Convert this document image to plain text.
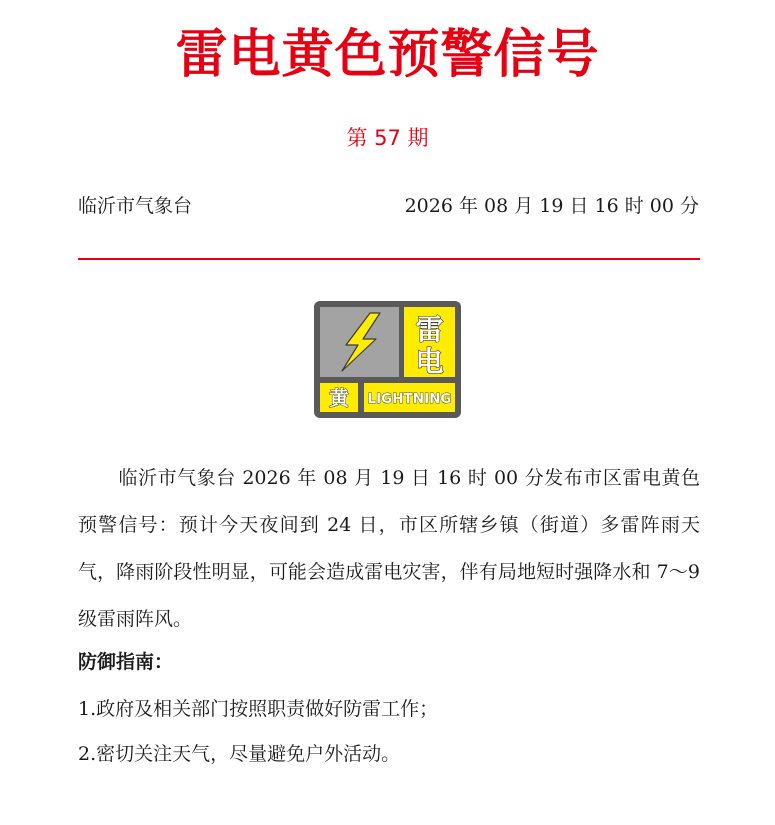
雷电黄色预警信号
第 57 期
临沂市气象台	2026 年 08 月 19 日 16 时 00 分
雷
电
黄 LIGHTNING
临沂市气象台 2026 年 08 月 19 日 16 时 00 分发布市区雷电黄色预警信号：预计今天夜间到 24 日，市区所辖乡镇（街道）多雷阵雨天气，降雨阶段性明显，可能会造成雷电灾害，伴有局地短时强降水和 7～9 级雷雨阵风。
防御指南：
1.政府及相关部门按照职责做好防雷工作；
2.密切关注天气，尽量避免户外活动。
